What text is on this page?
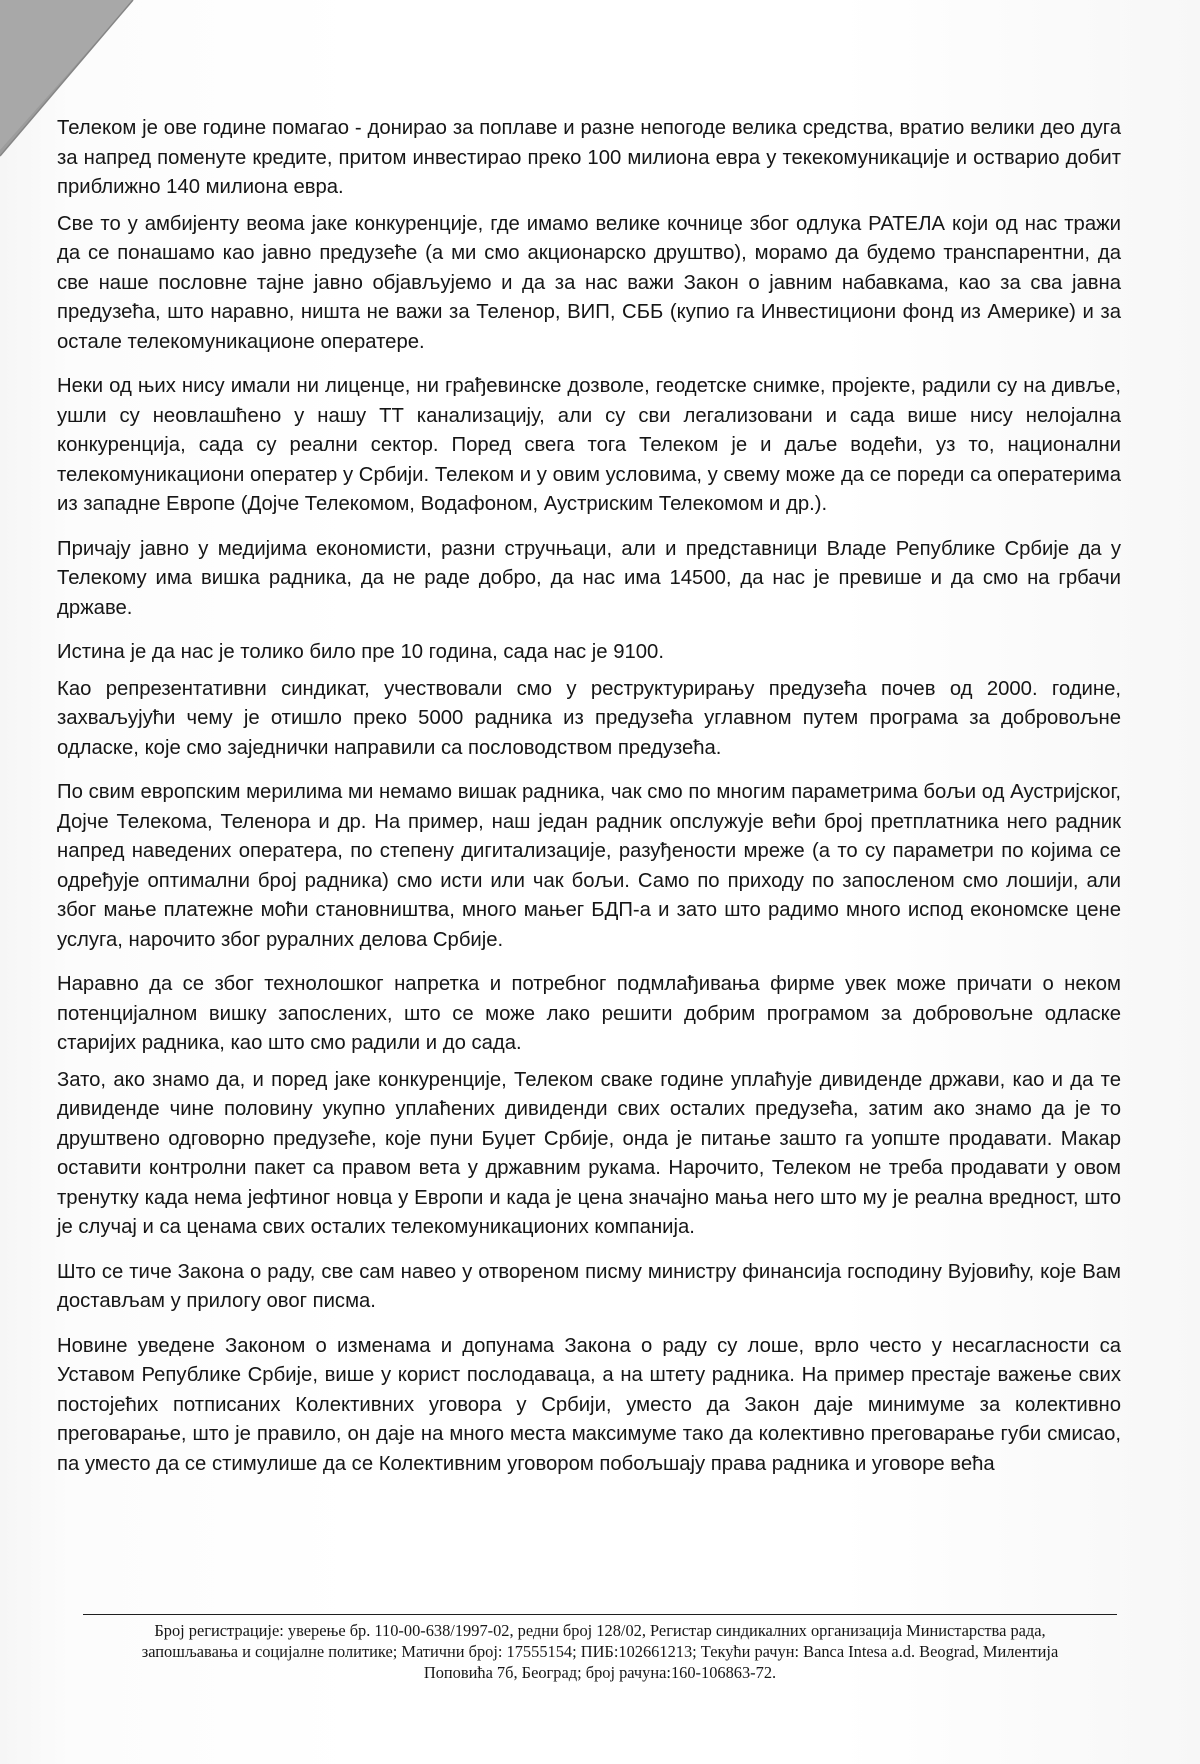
Телеком је ове године помагао - донирао за поплаве и разне непогоде велика средства, вратио велики део дуга за напред поменуте кредите, притом инвестирао преко 100 милиона евра у текекомуникације и остварио добит приближно 140 милиона евра.

Све то у амбијенту веома јаке конкуренције, где имамо велике кочнице због одлука РАТЕЛА који од нас тражи да се понашамо као јавно предузеће (а ми смо акционарско друштво), морамо да будемо транспарентни, да све наше пословне тајне јавно објављујемо и да за нас важи Закон о јавним набавкама, као за сва јавна предузећа, што наравно, ништа не важи за Теленор, ВИП, СББ (купио га Инвестициони фонд из Америке) и за остале телекомуникационе оператере.

Неки од њих нису имали ни лиценце, ни грађевинске дозволе, геодетске снимке, пројекте, радили су на дивље, ушли су неовлашћено у нашу ТТ канализацију, али су сви легализовани и сада више нису нелојална конкуренција, сада су реални сектор. Поред свега тога Телеком је и даље водећи, уз то, национални телекомуникациони оператер у Србији. Телеком и у овим условима, у свему може да се пореди са оператерима из западне Европе (Дојче Телекомом, Водафоном, Аустриским Телекомом и др.).

Причају јавно у медијима економисти, разни стручњаци, али и представници Владе Републике Србије да у Телекому има вишка радника, да не раде добро, да нас има 14500, да нас је превише и да смо на грбачи државе.

Истина је да нас је толико било пре 10 година, сада нас је 9100.

Као репрезентативни синдикат, учествовали смо у реструктурирању предузећа почев од 2000. године, захваљујући чему је отишло преко 5000 радника из предузећа углавном путем програма за добровољне одласке, које смо заједнички направили са пословодством предузећа.

По свим европским мерилима ми немамо вишак радника, чак смо по многим параметрима бољи од Аустријског, Дојче Телекома, Теленора и др. На пример, наш један радник опслужује већи број претплатника него радник напред наведених оператера, по степену дигитализације, разуђености мреже (а то су параметри по којима се одређује оптимални број радника) смо исти или чак бољи. Само по приходу по запосленом смо лошији, али због мање платежне моћи становништва, много мањег БДП-а и зато што радимо много испод економске цене услуга, нарочито због руралних делова Србије.

Наравно да се због технолошког напретка и потребног подмлађивања фирме увек може причати о неком потенцијалном вишку запослених, што се може лако решити добрим програмом за добровољне одласке старијих радника, као што смо радили и до сада.

Зато, ако знамо да, и поред јаке конкуренције, Телеком сваке године уплаћује дивиденде држави, као и да те дивиденде чине половину укупно уплаћених дивиденди свих осталих предузећа, затим ако знамо да је то друштвено одговорно предузеће, које пуни Буџет Србије, онда је питање зашто га уопште продавати. Макар оставити контролни пакет са правом вета у државним рукама. Нарочито, Телеком не треба продавати у овом тренутку када нема јефтиног новца у Европи и када је цена значајно мања него што му је реална вредност, што је случај и са ценама свих осталих телекомуникационих компанија.

Што се тиче Закона о раду, све сам навео у отвореном писму министру финансија господину Вујовићу, које Вам достављам у прилогу овог писма.

Новине уведене Законом о изменама и допунама Закона о раду су лоше, врло често у несагласности са Уставом Републике Србије, више у корист послодаваца, а на штету радника. На пример престаје важење свих постојећих потписаних Колективних уговора у Србији, уместо да Закон даје минимуме за колективно преговарање, што је правило, он даје на много места максимуме тако да колективно преговарање губи смисао, па уместо да се стимулише да се Колективним уговором побољшају права радника и уговоре већа

Број регистрације: уверење бр. 110-00-638/1997-02, редни број 128/02, Регистар синдикалних организација Министарства рада,
запошљавања и социјалне политике; Матични број: 17555154; ПИБ:102661213; Текући рачун: Banca Intesa a.d. Beograd, Милентија
Поповића 7б, Београд; број рачуна:160-106863-72.
